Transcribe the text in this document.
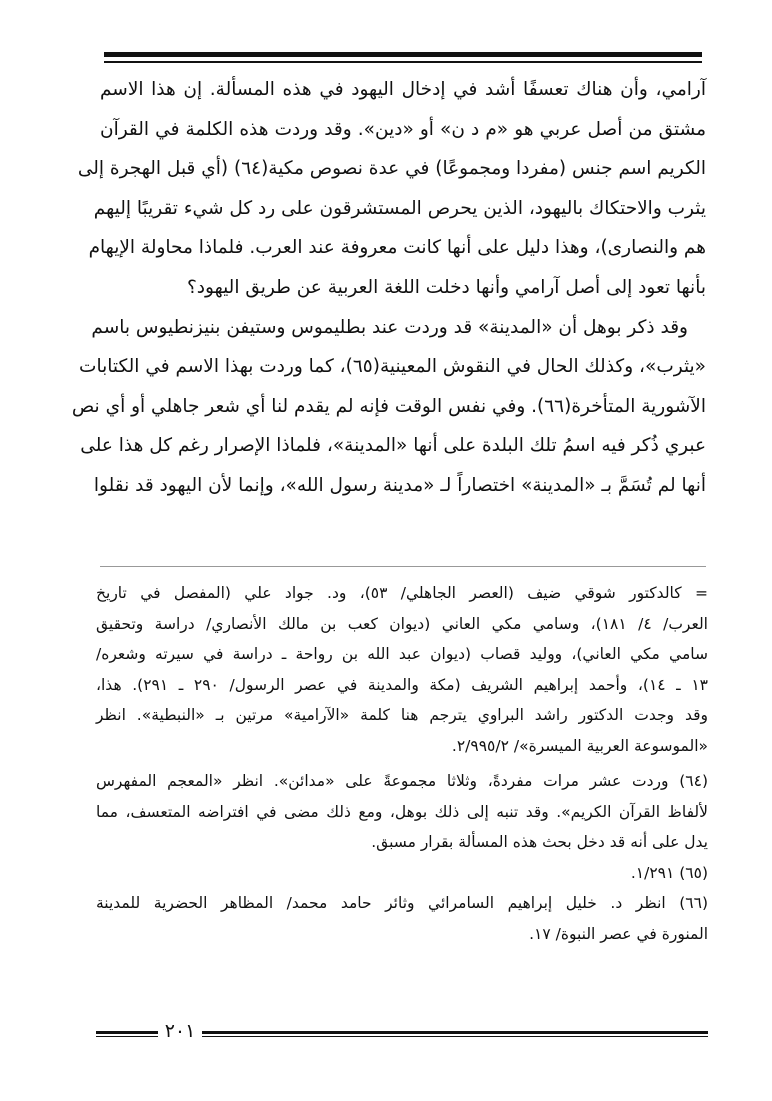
آرامي، وأن هناك تعسفًا أشد في إدخال اليهود في هذه المسألة. إن هذا الاسم
مشتق من أصل عربي هو «م د ن» أو «دين». وقد وردت هذه الكلمة في القرآن
الكريم اسم جنس (مفردا ومجموعًا) في عدة نصوص مكية(٦٤) (أي قبل الهجرة إلى
يثرب والاحتكاك باليهود، الذين يحرص المستشرقون على رد كل شيء تقريبًا إليهم
هم والنصارى)، وهذا دليل على أنها كانت معروفة عند العرب. فلماذا محاولة الإيهام
بأنها تعود إلى أصل آرامي وأنها دخلت اللغة العربية عن طريق اليهود؟
وقد ذكر بوهل أن «المدينة» قد وردت عند بطليموس وستيفن بنيزنطيوس باسم
«يثرب»، وكذلك الحال في النقوش المعينية(٦٥)، كما وردت بهذا الاسم في الكتابات
الآشورية المتأخرة(٦٦). وفي نفس الوقت فإنه لم يقدم لنا أي شعر جاهلي أو أي نص
عبري ذُكر فيه اسمُ تلك البلدة على أنها «المدينة»، فلماذا الإصرار رغم كل هذا على
أنها لم تُسَمَّ بـ «المدينة» اختصاراً لـ «مدينة رسول الله»، وإنما لأن اليهود قد نقلوا
= كالدكتور شوقي ضيف (العصر الجاهلي/ ٥٣)، ود. جواد علي (المفصل في تاريخ
العرب/ ٤/ ١٨١)، وسامي مكي العاني (ديوان كعب بن مالك الأنصاري/ دراسة وتحقيق
سامي مكي العاني)، ووليد قصاب (ديوان عبد الله بن رواحة ـ دراسة في سيرته وشعره/
١٣ ـ ١٤)، وأحمد إبراهيم الشريف (مكة والمدينة في عصر الرسول/ ٢٩٠ ـ ٢٩١). هذا،
وقد وجدت الدكتور راشد البراوي يترجم هنا كلمة «الآرامية» مرتين بـ «النبطية». انظر
«الموسوعة العربية الميسرة»/ ٢/٩٩٥/٢.
(٦٤) وردت عشر مرات مفردةً، وثلاثا مجموعةً على «مدائن». انظر «المعجم المفهرس
لألفاظ القرآن الكريم». وقد تنبه إلى ذلك بوهل، ومع ذلك مضى في افتراضه المتعسف، مما
يدل على أنه قد دخل بحث هذه المسألة بقرار مسبق.
(٦٥) ١/٢٩١.
(٦٦) انظر د. خليل إبراهيم السامرائي وثائر حامد محمد/ المظاهر الحضرية للمدينة
المنورة في عصر النبوة/ ١٧.
٢٠١
